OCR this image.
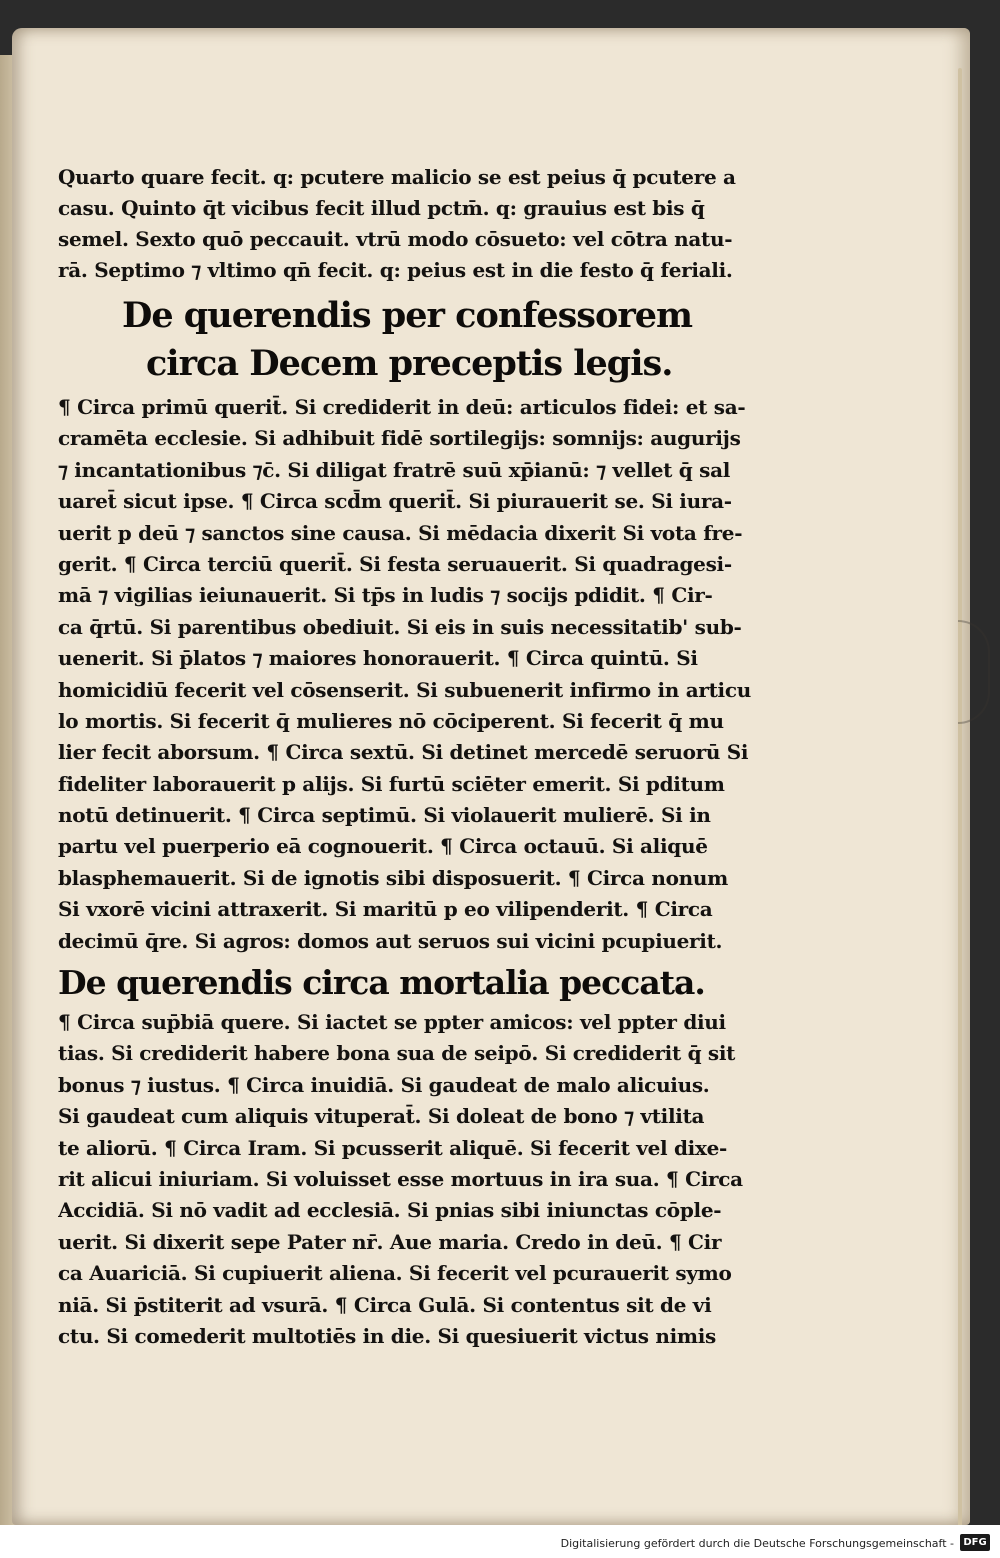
Quarto quare fecit. q: pcutere malicio se est peius q̄ pcutere a
casu. Quinto q̄t vicibus fecit illud pctm̄. q: grauius est bis q̄
semel. Sexto quō peccauit. vtrū modo cōsueto: vel cōtra natu-
rā. Septimo ⁊ vltimo qn̄ fecit. q: peius est in die festo q̄ feriali.
De querendis per confessorem
circa Decem preceptis legis.
¶ Circa primū querit̄. Si crediderit in deū: articulos fidei: et sa-
cramēta ecclesie. Si adhibuit fidē sortilegijs: somnijs: augurijs
⁊ incantationibus ⁊c̄. Si diligat fratrē suū xp̄ianū: ⁊ vellet q̄ sal
uaret̄ sicut ipse. ¶ Circa scd̄m querit̄. Si piurauerit se. Si iura-
uerit p deū ⁊ sanctos sine causa. Si mēdacia dixerit Si vota fre-
gerit. ¶ Circa terciū querit̄. Si festa seruauerit. Si quadragesi-
mā ⁊ vigilias ieiunauerit. Si tp̄s in ludis ⁊ socijs pdidit. ¶ Cir-
ca q̄rtū. Si parentibus obediuit. Si eis in suis necessitatib' sub-
uenerit. Si p̄latos ⁊ maiores honorauerit. ¶ Circa quintū. Si
homicidiū fecerit vel cōsenserit. Si subuenerit infirmo in articu
lo mortis. Si fecerit q̄ mulieres nō cōciperent. Si fecerit q̄ mu
lier fecit aborsum. ¶ Circa sextū. Si detinet mercedē seruorū Si
fideliter laborauerit p alijs. Si furtū sciēter emerit. Si pditum
notū detinuerit. ¶ Circa septimū. Si violauerit mulierē. Si in
partu vel puerperio eā cognouerit. ¶ Circa octauū. Si aliquē
blasphemauerit. Si de ignotis sibi disposuerit. ¶ Circa nonum
Si vxorē vicini attraxerit. Si maritū p eo vilipenderit. ¶ Circa
decimū q̄re. Si agros: domos aut seruos sui vicini pcupiuerit.
De querendis circa mortalia peccata.
¶ Circa sup̄biā quere. Si iactet se ppter amicos: vel ppter diui
tias. Si crediderit habere bona sua de seipō. Si crediderit q̄ sit
bonus ⁊ iustus. ¶ Circa inuidiā. Si gaudeat de malo alicuius.
Si gaudeat cum aliquis vituperat̄. Si doleat de bono ⁊ vtilita
te aliorū. ¶ Circa Iram. Si pcusserit aliquē. Si fecerit vel dixe-
rit alicui iniuriam. Si voluisset esse mortuus in ira sua. ¶ Circa
Accidiā. Si nō vadit ad ecclesiā. Si pnias sibi iniunctas cōple-
uerit. Si dixerit sepe Pater nr̄. Aue maria. Credo in deū. ¶ Cir
ca Auariciā. Si cupiuerit aliena. Si fecerit vel pcurauerit symo
niā. Si p̄stiterit ad vsurā. ¶ Circa Gulā. Si contentus sit de vi
ctu. Si comederit multotiēs in die. Si quesiuerit victus nimis
Digitalisierung gefördert durch die Deutsche Forschungsgemeinschaft - DFG
